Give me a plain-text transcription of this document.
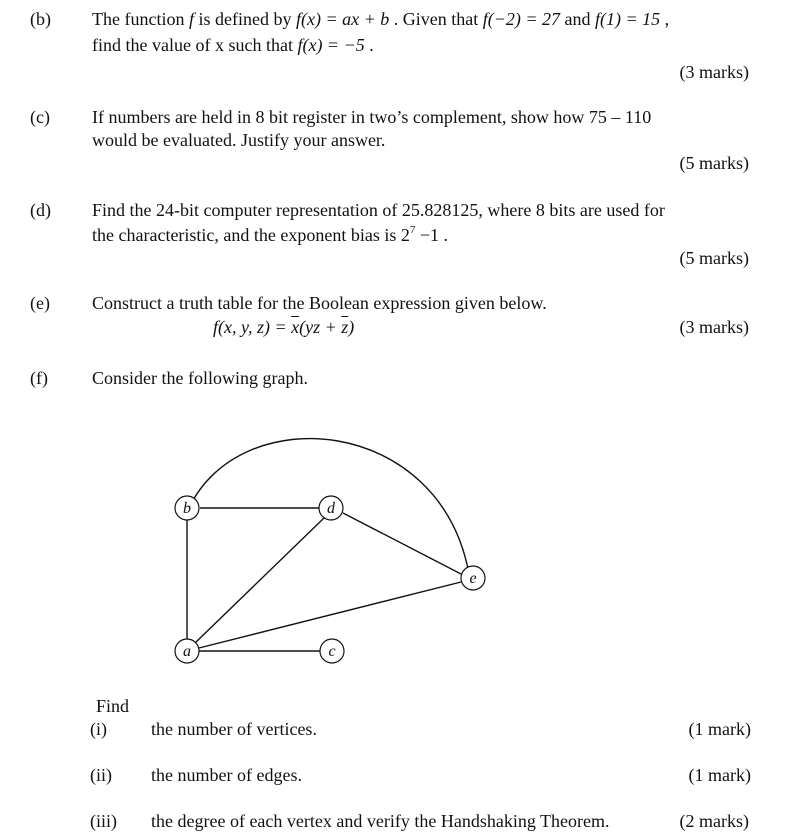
(b) The function f is defined by f(x) = ax + b . Given that f(−2) = 27 and f(1) = 15 ,
find the value of x such that f(x) = −5 .
(3 marks)
(c) If numbers are held in 8 bit register in two’s complement, show how 75 – 110
would be evaluated. Justify your answer.
(5 marks)
(d) Find the 24-bit computer representation of 25.828125, where 8 bits are used for
the characteristic, and the exponent bias is $2^7 -1$ .
(5 marks)
(e) Construct a truth table for the Boolean expression given below.
f(x, y, $z) = \overline{x}(yz + \overline{z})$	(3 marks)
(f) Consider the following graph.
b	d
e
a	c
Find
(i) the number of vertices.	(1 mark)
(ii) the number of edges.	(1 mark)
(iii) the degree of each vertex and verify the Handshaking Theorem.	(2 marks)
